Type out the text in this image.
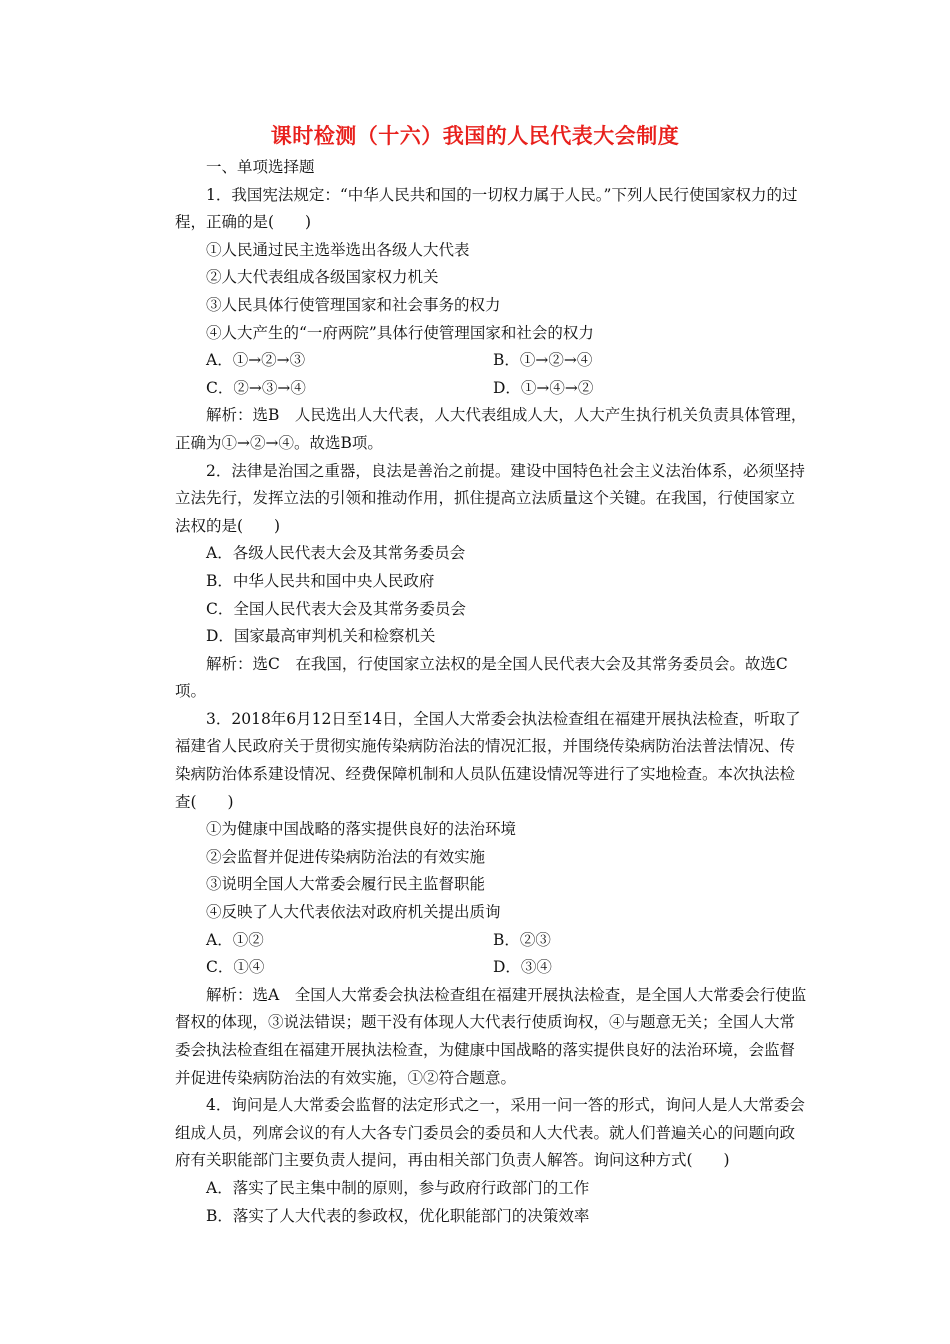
课时检测（十六）我国的人民代表大会制度

一、单项选择题

1．我国宪法规定：“中华人民共和国的一切权力属于人民。”下列人民行使国家权力的过程，正确的是(　　)

①人民通过民主选举选出各级人大代表

②人大代表组成各级国家权力机关

③人民具体行使管理国家和社会事务的权力

④人大产生的“一府两院”具体行使管理国家和社会的权力

A．①→②→③	B．①→②→④
C．②→③→④	D．①→④→②

解析：选B　人民选出人大代表，人大代表组成人大，人大产生执行机关负责具体管理，正确为①→②→④。故选B项。

2．法律是治国之重器，良法是善治之前提。建设中国特色社会主义法治体系，必须坚持立法先行，发挥立法的引领和推动作用，抓住提高立法质量这个关键。在我国，行使国家立法权的是(　　)

A．各级人民代表大会及其常务委员会

B．中华人民共和国中央人民政府

C．全国人民代表大会及其常务委员会

D．国家最高审判机关和检察机关

解析：选C　在我国，行使国家立法权的是全国人民代表大会及其常务委员会。故选C项。

3．2018年6月12日至14日，全国人大常委会执法检查组在福建开展执法检查，听取了福建省人民政府关于贯彻实施传染病防治法的情况汇报，并围绕传染病防治法普法情况、传染病防治体系建设情况、经费保障机制和人员队伍建设情况等进行了实地检查。本次执法检查(　　)

①为健康中国战略的落实提供良好的法治环境

②会监督并促进传染病防治法的有效实施

③说明全国人大常委会履行民主监督职能

④反映了人大代表依法对政府机关提出质询

A．①②	B．②③
C．①④	D．③④

解析：选A　全国人大常委会执法检查组在福建开展执法检查，是全国人大常委会行使监督权的体现，③说法错误；题干没有体现人大代表行使质询权，④与题意无关；全国人大常委会执法检查组在福建开展执法检查，为健康中国战略的落实提供良好的法治环境，会监督并促进传染病防治法的有效实施，①②符合题意。

4．询问是人大常委会监督的法定形式之一，采用一问一答的形式，询问人是人大常委会组成人员，列席会议的有人大各专门委员会的委员和人大代表。就人们普遍关心的问题向政府有关职能部门主要负责人提问，再由相关部门负责人解答。询问这种方式(　　)

A．落实了民主集中制的原则，参与政府行政部门的工作

B．落实了人大代表的参政权，优化职能部门的决策效率
